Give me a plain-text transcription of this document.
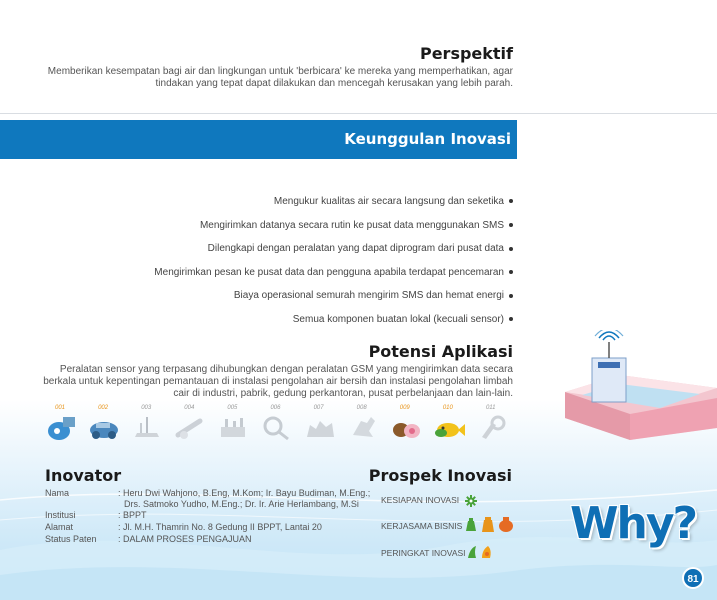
Perspektif
Memberikan kesempatan bagi air dan lingkungan untuk 'berbicara' ke mereka yang memperhatikan, agar
tindakan yang tepat dapat dilakukan dan mencegah kerusakan yang lebih parah.
Keunggulan Inovasi
Mengukur kualitas air secara langsung dan seketika
Mengirimkan datanya secara rutin ke pusat data menggunakan SMS
Dilengkapi dengan peralatan yang dapat diprogram dari pusat data
Mengirimkan pesan ke pusat data dan pengguna apabila terdapat pencemaran
Biaya operasional semurah mengirim SMS dan hemat energi
Semua komponen buatan lokal (kecuali sensor)
Potensi Aplikasi
Peralatan sensor yang terpasang dihubungkan dengan peralatan GSM yang mengirimkan data secara
berkala untuk kepentingan pemantauan di instalasi pengolahan air bersih dan instalasi pengolahan limbah
cair di industri, pabrik, gedung perkantoran, pusat perbelanjaan dan lain-lain.
001	002	003	004	005	006	007	008	009	010	011
Inovator
Nama	: Heru Dwi Wahjono, B.Eng, M.Kom; Ir. Bayu Budiman, M.Eng.;
Drs. Satmoko Yudho, M.Eng.; Dr. Ir. Arie Herlambang, M.Si
Institusi	: BPPT
Alamat	: Jl. M.H. Thamrin No. 8 Gedung II BPPT, Lantai 20
Status Paten : DALAM PROSES PENGAJUAN
Prospek Inovasi
KESIAPAN INOVASI
KERJASAMA BISNIS
PERINGKAT INOVASI
Why?
81
